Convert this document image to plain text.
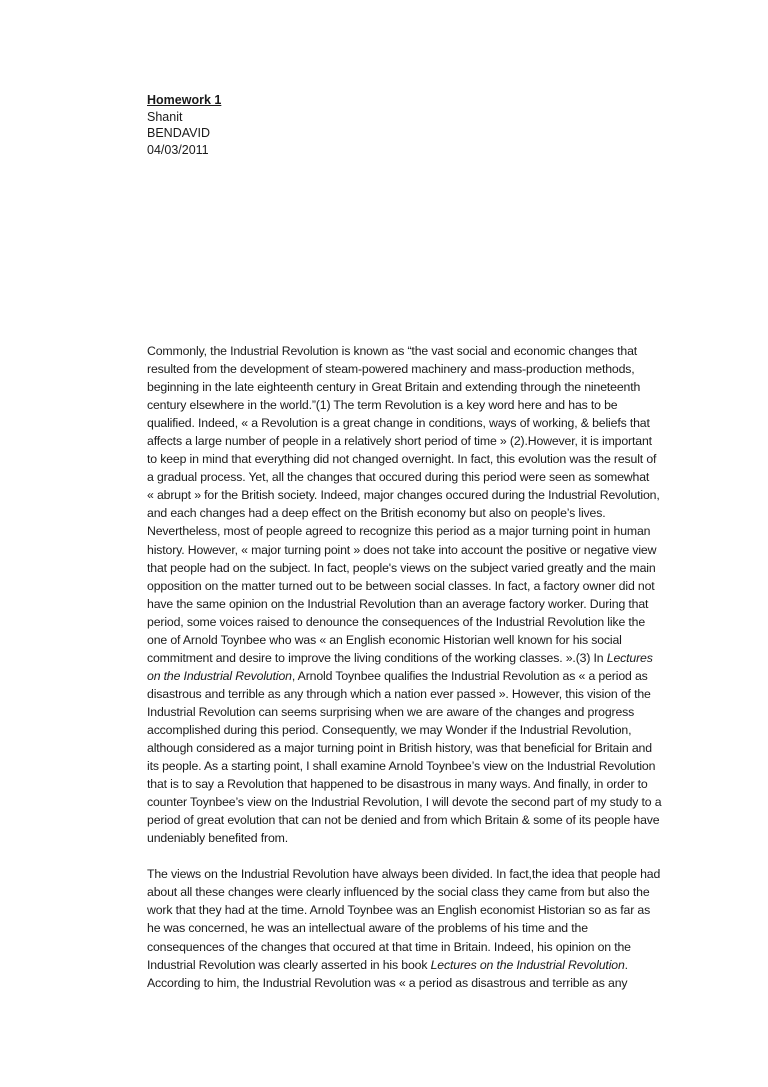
Homework 1
Shanit
BENDAVID
04/03/2011

Commonly, the Industrial Revolution is known as “the vast social and economic changes that
resulted from the development of steam-powered machinery and mass-production methods,
beginning in the late eighteenth century in Great Britain and extending through the nineteenth
century elsewhere in the world.”(1) The term Revolution is a key word here and has to be
qualified. Indeed, « a Revolution is a great change in conditions, ways of working, & beliefs that
affects a large number of people in a relatively short period of time » (2).However, it is important
to keep in mind that everything did not changed overnight. In fact, this evolution was the result of
a gradual process. Yet, all the changes that occured during this period were seen as somewhat
« abrupt » for the British society. Indeed, major changes occured during the Industrial Revolution,
and each changes had a deep effect on the British economy but also on people’s lives.
Nevertheless, most of people agreed to recognize this period as a major turning point in human
history. However, « major turning point » does not take into account the positive or negative view
that people had on the subject. In fact, people's views on the subject varied greatly and the main
opposition on the matter turned out to be between social classes. In fact, a factory owner did not
have the same opinion on the Industrial Revolution than an average factory worker. During that
period, some voices raised to denounce the consequences of the Industrial Revolution like the
one of Arnold Toynbee who was « an English economic Historian well known for his social
commitment and desire to improve the living conditions of the working classes. ».(3) In Lectures
on the Industrial Revolution, Arnold Toynbee qualifies the Industrial Revolution as « a period as
disastrous and terrible as any through which a nation ever passed ». However, this vision of the
Industrial Revolution can seems surprising when we are aware of the changes and progress
accomplished during this period. Consequently, we may Wonder if the Industrial Revolution,
although considered as a major turning point in British history, was that beneficial for Britain and
its people. As a starting point, I shall examine Arnold Toynbee’s view on the Industrial Revolution
that is to say a Revolution that happened to be disastrous in many ways. And finally, in order to
counter Toynbee’s view on the Industrial Revolution, I will devote the second part of my study to a
period of great evolution that can not be denied and from which Britain & some of its people have
undeniably benefited from.

The views on the Industrial Revolution have always been divided. In fact,the idea that people had
about all these changes were clearly influenced by the social class they came from but also the
work that they had at the time. Arnold Toynbee was an English economist Historian so as far as
he was concerned, he was an intellectual aware of the problems of his time and the
consequences of the changes that occured at that time in Britain. Indeed, his opinion on the
Industrial Revolution was clearly asserted in his book Lectures on the Industrial Revolution.
According to him, the Industrial Revolution was « a period as disastrous and terrible as any
